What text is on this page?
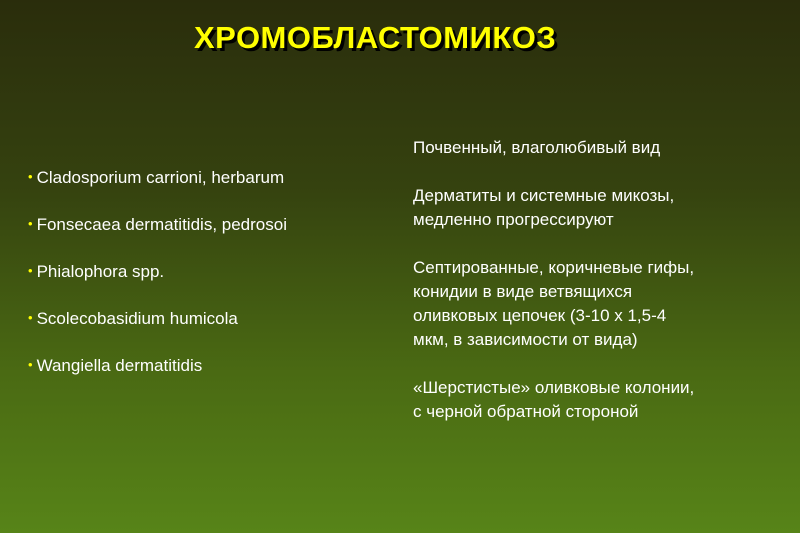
ХРОМОБЛАСТОМИКОЗ
• Cladosporium carrioni, herbarum
• Fonsecaea dermatitidis, pedrosoi
• Phialophora spp.
• Scolecobasidium humicola
• Wangiella dermatitidis

Почвенный, влаголюбивый вид

Дерматиты и системные микозы,
медленно прогрессируют

Септированные, коричневые гифы,
конидии в виде ветвящихся
оливковых цепочек (3-10 х 1,5-4
мкм, в зависимости от вида)

«Шерстистые» оливковые колонии,
с черной обратной стороной
